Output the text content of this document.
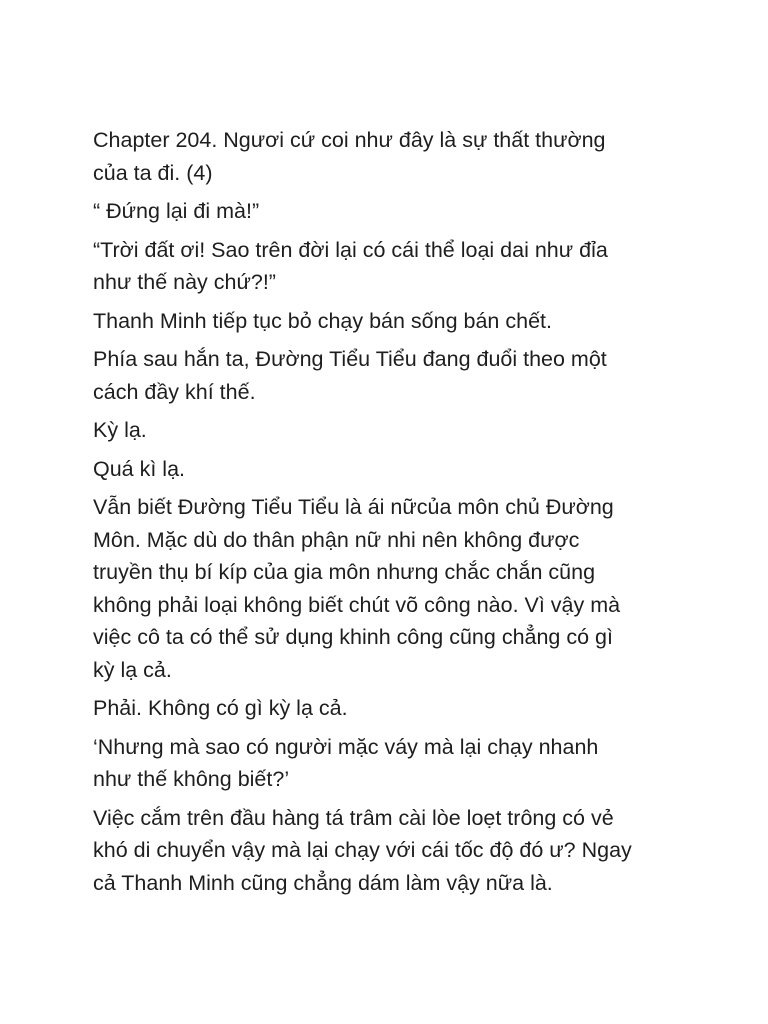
Chapter 204. Ngươi cứ coi như đây là sự thất thường
của ta đi. (4)

“ Đứng lại đi mà!”

“Trời đất ơi! Sao trên đời lại có cái thể loại dai như đỉa
như thế này chứ?!”

Thanh Minh tiếp tục bỏ chạy bán sống bán chết.

Phía sau hắn ta, Đường Tiểu Tiểu đang đuổi theo một
cách đầy khí thế.

Kỳ lạ.

Quá kì lạ.

Vẫn biết Đường Tiểu Tiểu là ái nữcủa môn chủ Đường
Môn. Mặc dù do thân phận nữ nhi nên không được
truyền thụ bí kíp của gia môn nhưng chắc chắn cũng
không phải loại không biết chút võ công nào. Vì vậy mà
việc cô ta có thể sử dụng khinh công cũng chẳng có gì
kỳ lạ cả.

Phải. Không có gì kỳ lạ cả.

‘Nhưng mà sao có người mặc váy mà lại chạy nhanh
như thế không biết?’

Việc cắm trên đầu hàng tá trâm cài lòe loẹt trông có vẻ
khó di chuyển vậy mà lại chạy với cái tốc độ đó ư? Ngay
cả Thanh Minh cũng chẳng dám làm vậy nữa là.
